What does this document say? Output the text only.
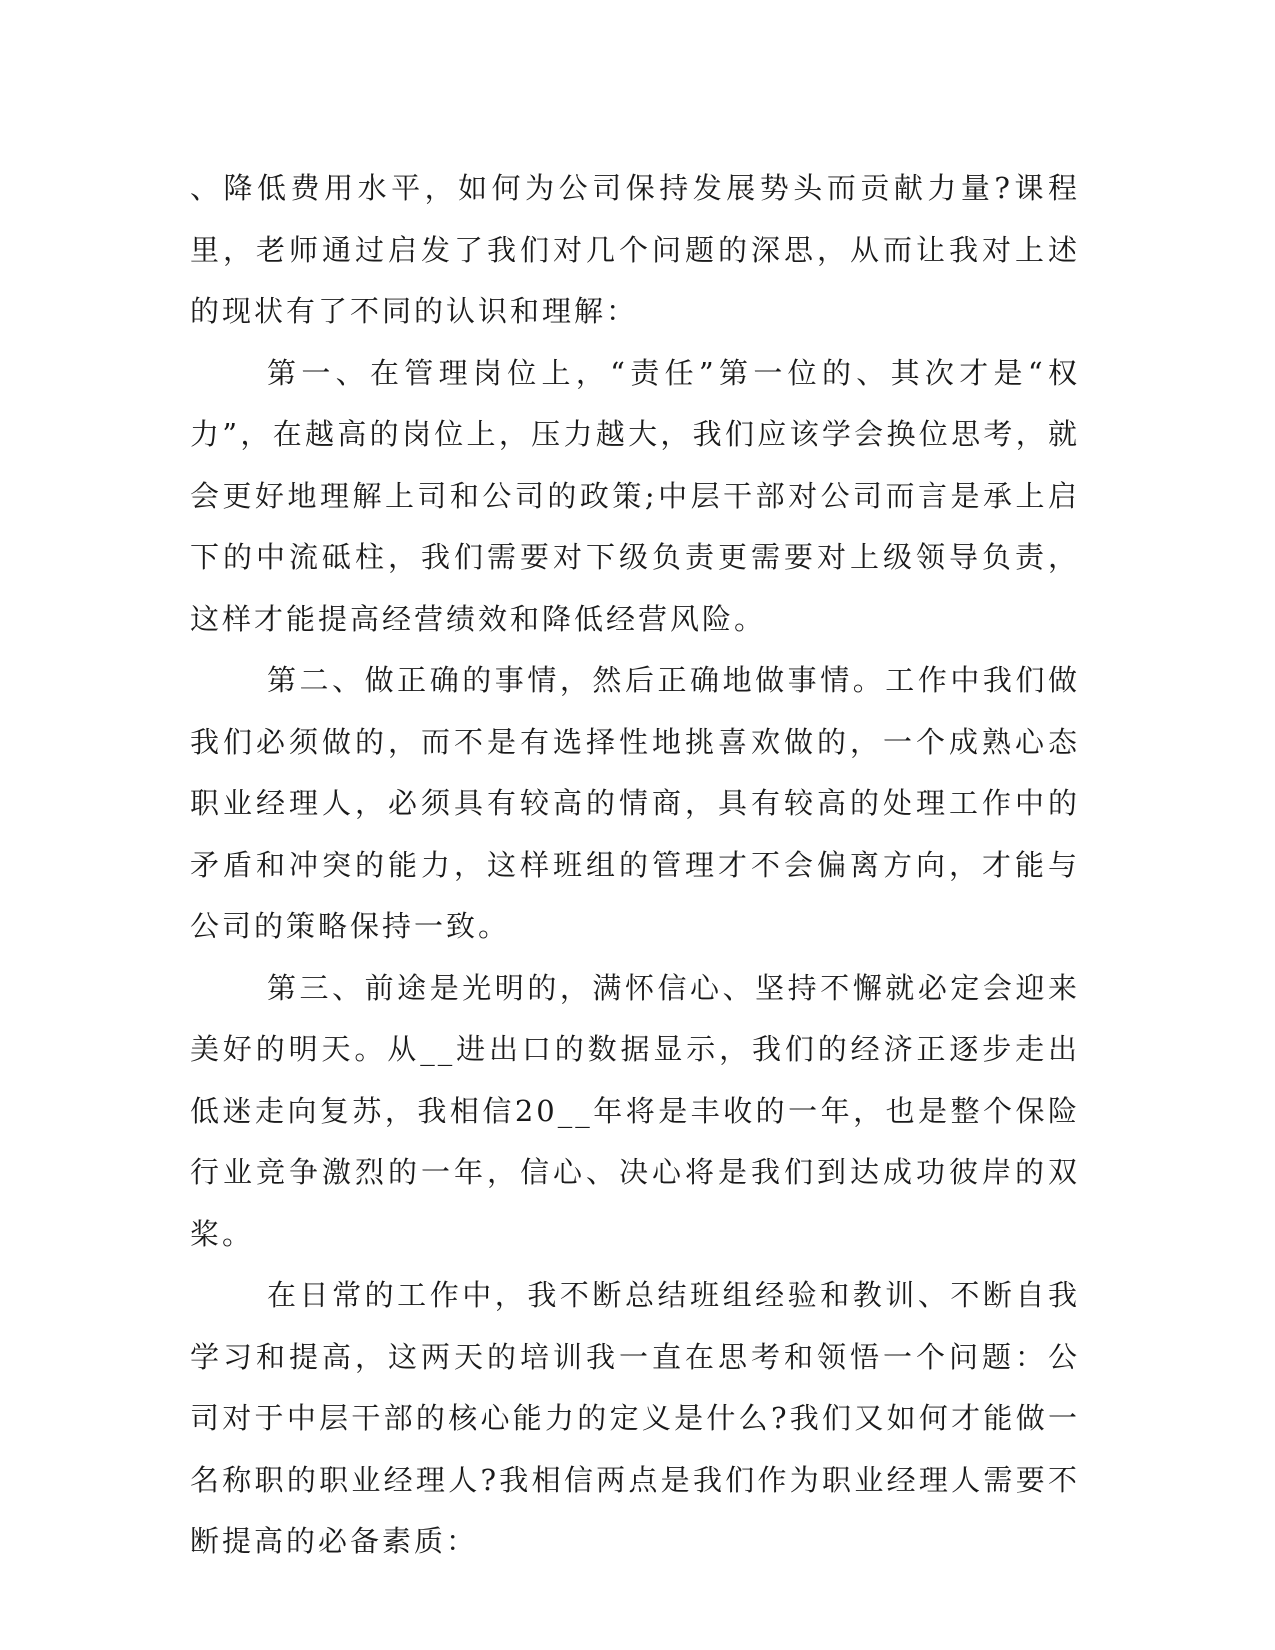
、降低费用水平，如何为公司保持发展势头而贡献力量?课程里，老师通过启发了我们对几个问题的深思，从而让我对上述的现状有了不同的认识和理解：

第一、在管理岗位上，“责任”第一位的、其次才是“权力”，在越高的岗位上，压力越大，我们应该学会换位思考，就会更好地理解上司和公司的政策;中层干部对公司而言是承上启下的中流砥柱，我们需要对下级负责更需要对上级领导负责，这样才能提高经营绩效和降低经营风险。

第二、做正确的事情，然后正确地做事情。工作中我们做我们必须做的，而不是有选择性地挑喜欢做的，一个成熟心态职业经理人，必须具有较高的情商，具有较高的处理工作中的矛盾和冲突的能力，这样班组的管理才不会偏离方向，才能与公司的策略保持一致。

第三、前途是光明的，满怀信心、坚持不懈就必定会迎来美好的明天。从__进出口的数据显示，我们的经济正逐步走出低迷走向复苏，我相信20__年将是丰收的一年，也是整个保险行业竞争激烈的一年，信心、决心将是我们到达成功彼岸的双桨。

在日常的工作中，我不断总结班组经验和教训、不断自我学习和提高，这两天的培训我一直在思考和领悟一个问题：公司对于中层干部的核心能力的定义是什么?我们又如何才能做一名称职的职业经理人?我相信两点是我们作为职业经理人需要不断提高的必备素质：
